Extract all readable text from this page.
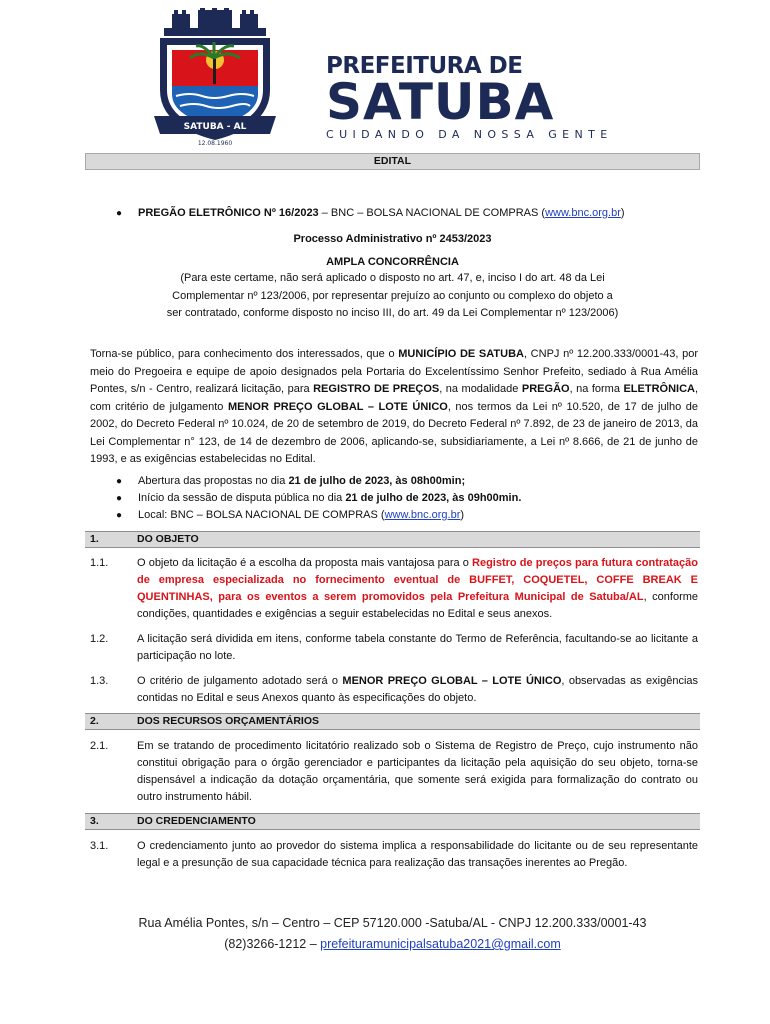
SATUBA - AL
12.08.1960
PREFEITURA DE
SATUBA
CUIDANDO DA NOSSA GENTE
EDITAL
● PREGÃO ELETRÔNICO Nº 16/2023 – BNC – BOLSA NACIONAL DE COMPRAS (www.bnc.org.br)
Processo Administrativo nº 2453/2023
AMPLA CONCORRÊNCIA
(Para este certame, não será aplicado o disposto no art. 47, e, inciso I do art. 48 da Lei
Complementar nº 123/2006, por representar prejuízo ao conjunto ou complexo do objeto a
ser contratado, conforme disposto no inciso III, do art. 49 da Lei Complementar nº 123/2006)
Torna-se público, para conhecimento dos interessados, que o MUNICÍPIO DE SATUBA, CNPJ nº 12.200.333/0001-43, por meio do Pregoeira e equipe de apoio designados pela Portaria do Excelentíssimo Senhor Prefeito, sediado à Rua Amélia Pontes, s/n - Centro, realizará licitação, para REGISTRO DE PREÇOS, na modalidade PREGÃO, na forma ELETRÔNICA, com critério de julgamento MENOR PREÇO GLOBAL – LOTE ÚNICO, nos termos da Lei nº 10.520, de 17 de julho de 2002, do Decreto Federal nº 10.024, de 20 de setembro de 2019, do Decreto Federal nº 7.892, de 23 de janeiro de 2013, da Lei Complementar n° 123, de 14 de dezembro de 2006, aplicando-se, subsidiariamente, a Lei nº 8.666, de 21 de junho de 1993, e as exigências estabelecidas no Edital.
● Abertura das propostas no dia 21 de julho de 2023, às 08h00min;
● Início da sessão de disputa pública no dia 21 de julho de 2023, às 09h00min.
● Local: BNC – BOLSA NACIONAL DE COMPRAS (www.bnc.org.br)
1.	DO OBJETO
1.1.	O objeto da licitação é a escolha da proposta mais vantajosa para o Registro de preços para futura contratação de empresa especializada no fornecimento eventual de BUFFET, COQUETEL, COFFE BREAK E QUENTINHAS, para os eventos a serem promovidos pela Prefeitura Municipal de Satuba/AL, conforme condições, quantidades e exigências a seguir estabelecidas no Edital e seus anexos.
1.2.	A licitação será dividida em itens, conforme tabela constante do Termo de Referência, facultando-se ao licitante a participação no lote.
1.3.	O critério de julgamento adotado será o MENOR PREÇO GLOBAL – LOTE ÚNICO, observadas as exigências contidas no Edital e seus Anexos quanto às especificações do objeto.
2.	DOS RECURSOS ORÇAMENTÁRIOS
2.1.	Em se tratando de procedimento licitatório realizado sob o Sistema de Registro de Preço, cujo instrumento não constitui obrigação para o órgão gerenciador e participantes da licitação pela aquisição do seu objeto, torna-se dispensável a indicação da dotação orçamentária, que somente será exigida para formalização do contrato ou outro instrumento hábil.
3.	DO CREDENCIAMENTO
3.1.	O credenciamento junto ao provedor do sistema implica a responsabilidade do licitante ou de seu representante legal e a presunção de sua capacidade técnica para realização das transações inerentes ao Pregão.
Rua Amélia Pontes, s/n – Centro – CEP 57120.000 -Satuba/AL - CNPJ 12.200.333/0001-43
(82)3266-1212 – prefeituramunicipalsatuba2021@gmail.com
